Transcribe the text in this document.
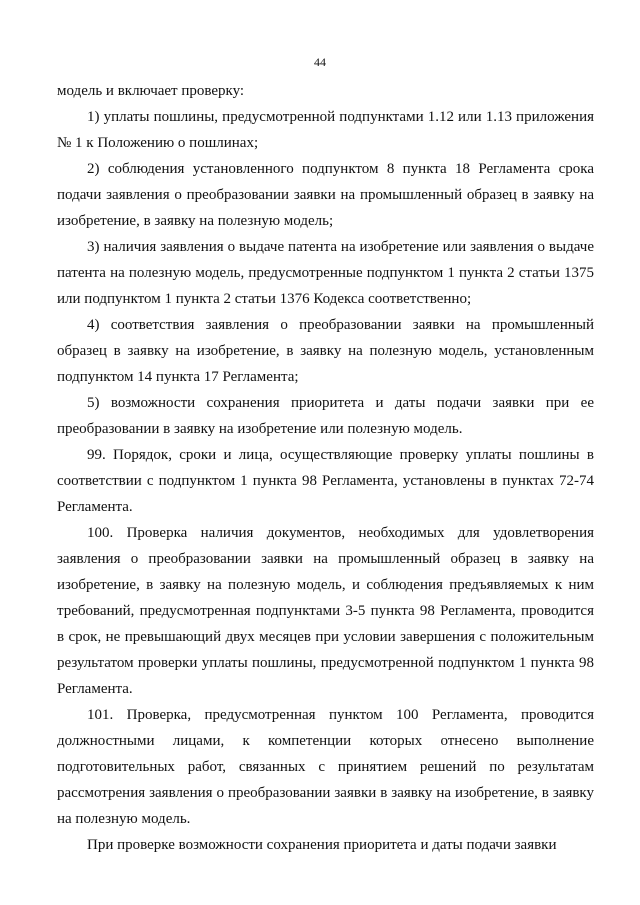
44

модель и включает проверку:

1) уплаты пошлины, предусмотренной подпунктами 1.12 или 1.13 приложения № 1 к Положению о пошлинах;

2) соблюдения установленного подпунктом 8 пункта 18 Регламента срока подачи заявления о преобразовании заявки на промышленный образец в заявку на изобретение, в заявку на полезную модель;

3) наличия заявления о выдаче патента на изобретение или заявления о выдаче патента на полезную модель, предусмотренные подпунктом 1 пункта 2 статьи 1375 или подпунктом 1 пункта 2 статьи 1376 Кодекса соответственно;

4) соответствия заявления о преобразовании заявки на промышленный образец в заявку на изобретение, в заявку на полезную модель, установленным подпунктом 14 пункта 17 Регламента;

5) возможности сохранения приоритета и даты подачи заявки при ее преобразовании в заявку на изобретение или полезную модель.

99. Порядок, сроки и лица, осуществляющие проверку уплаты пошлины в соответствии с подпунктом 1 пункта 98 Регламента, установлены в пунктах 72-74 Регламента.

100. Проверка наличия документов, необходимых для удовлетворения заявления о преобразовании заявки на промышленный образец в заявку на изобретение, в заявку на полезную модель, и соблюдения предъявляемых к ним требований, предусмотренная подпунктами 3-5 пункта 98 Регламента, проводится в срок, не превышающий двух месяцев при условии завершения с положительным результатом проверки уплаты пошлины, предусмотренной подпунктом 1 пункта 98 Регламента.

101. Проверка, предусмотренная пунктом 100 Регламента, проводится должностными лицами, к компетенции которых отнесено выполнение подготовительных работ, связанных с принятием решений по результатам рассмотрения заявления о преобразовании заявки в заявку на изобретение, в заявку на полезную модель.

При проверке возможности сохранения приоритета и даты подачи заявки
